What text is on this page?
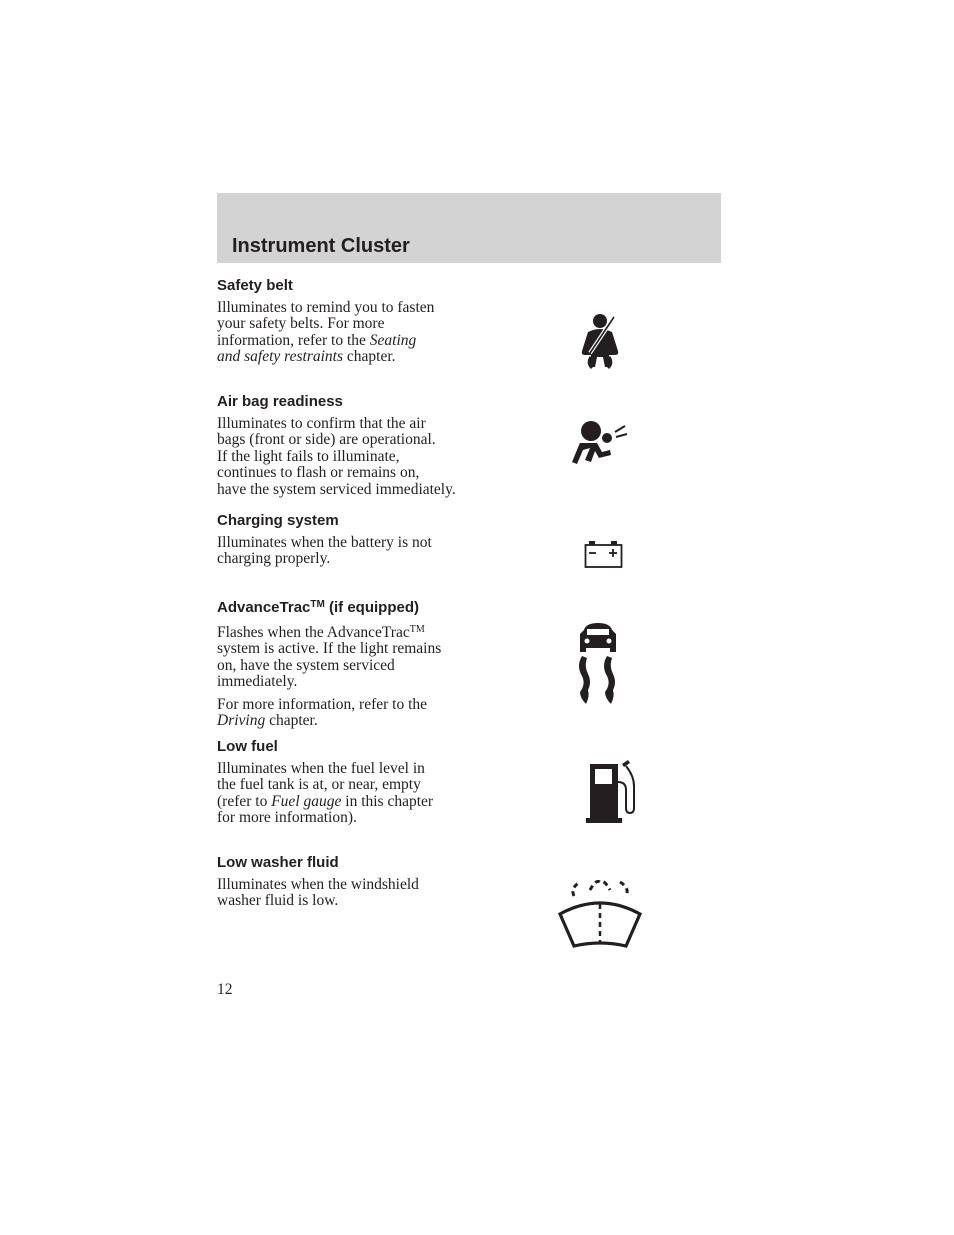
Instrument Cluster
Safety belt

Illuminates to remind you to fasten
your safety belts. For more
information, refer to the Seating
and safety restraints chapter.

Air bag readiness

Illuminates to confirm that the air
bags (front or side) are operational.
If the light fails to illuminate,
continues to flash or remains on,
have the system serviced immediately.

Charging system

Illuminates when the battery is not
charging properly.

AdvanceTrac™ (if equipped)

Flashes when the AdvanceTrac™
system is active. If the light remains
on, have the system serviced
immediately.

For more information, refer to the
Driving chapter.

Low fuel

Illuminates when the fuel level in
the fuel tank is at, or near, empty
(refer to Fuel gauge in this chapter
for more information).

Low washer fluid

Illuminates when the windshield
washer fluid is low.

12
